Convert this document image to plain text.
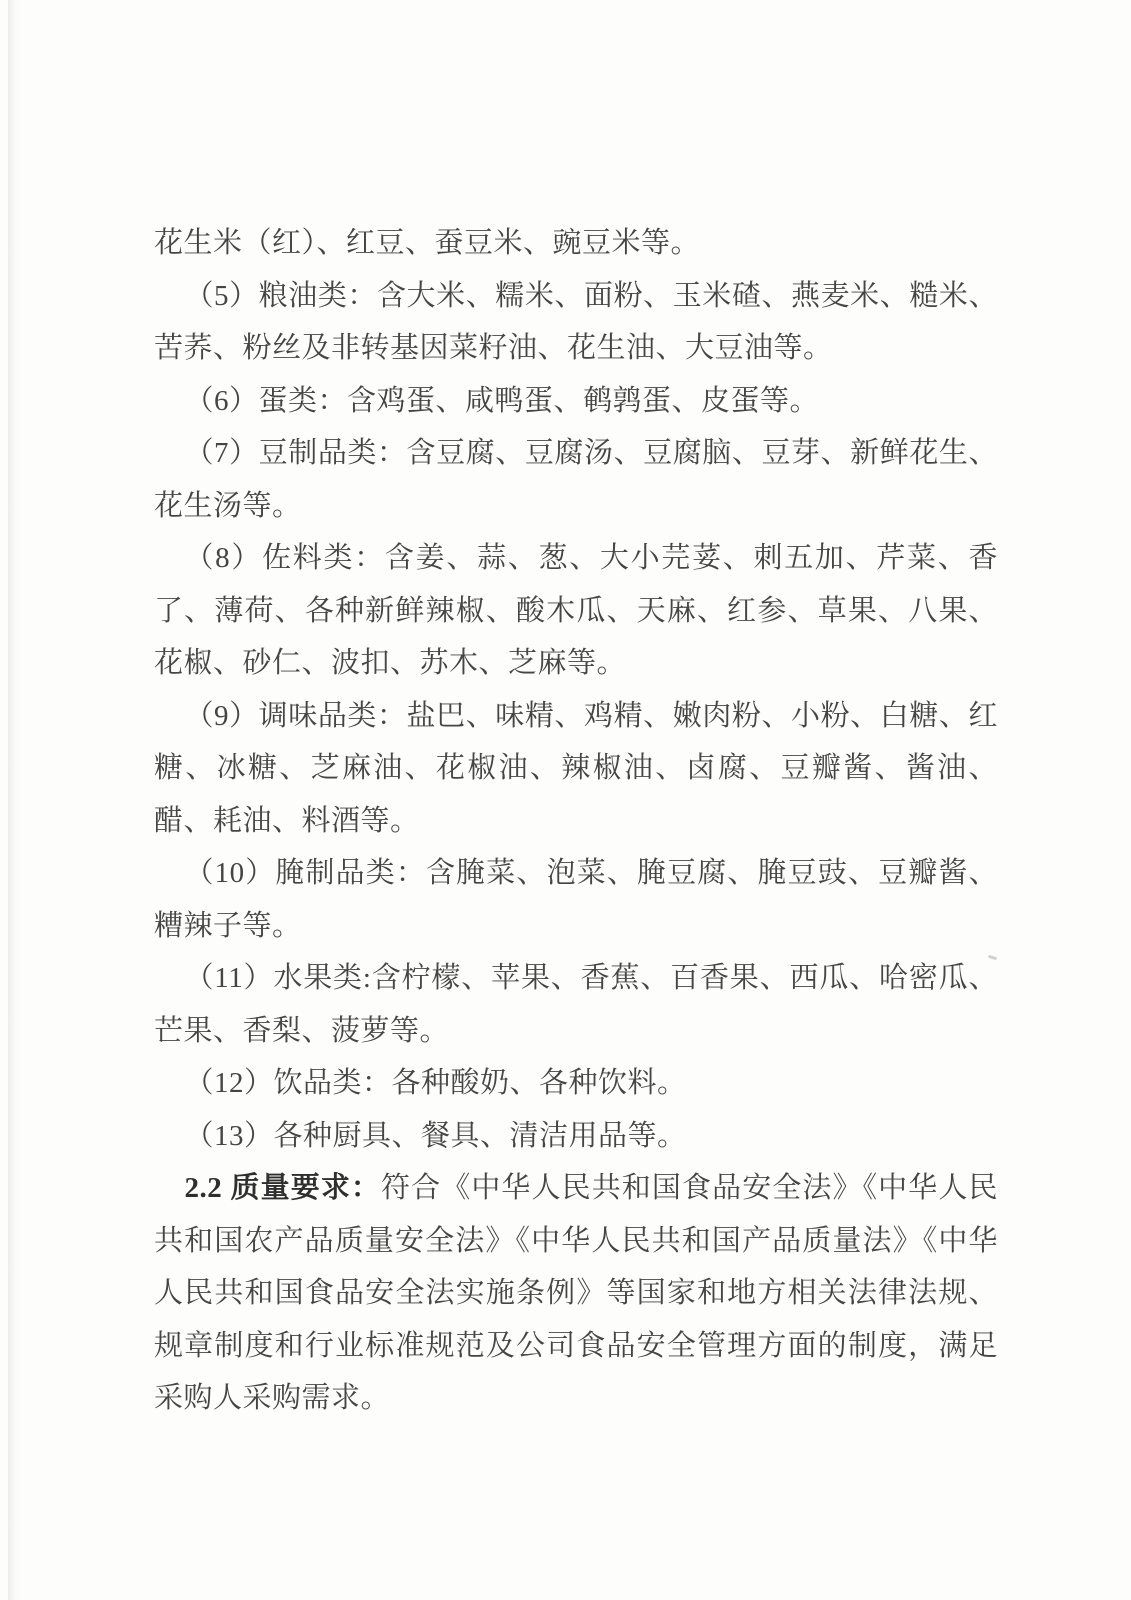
花生米（红）、红豆、蚕豆米、豌豆米等。

（5）粮油类：含大米、糯米、面粉、玉米碴、燕麦米、糙米、苦荞、粉丝及非转基因菜籽油、花生油、大豆油等。

（6）蛋类：含鸡蛋、咸鸭蛋、鹌鹑蛋、皮蛋等。

（7）豆制品类：含豆腐、豆腐汤、豆腐脑、豆芽、新鲜花生、花生汤等。

（8）佐料类：含姜、蒜、葱、大小芫荽、刺五加、芹菜、香了、薄荷、各种新鲜辣椒、酸木瓜、天麻、红参、草果、八果、花椒、砂仁、波扣、苏木、芝麻等。

（9）调味品类：盐巴、味精、鸡精、嫩肉粉、小粉、白糖、红糖、冰糖、芝麻油、花椒油、辣椒油、卤腐、豆瓣酱、酱油、醋、耗油、料酒等。

（10）腌制品类：含腌菜、泡菜、腌豆腐、腌豆豉、豆瓣酱、糟辣子等。

（11）水果类:含柠檬、苹果、香蕉、百香果、西瓜、哈密瓜、芒果、香梨、菠萝等。

（12）饮品类：各种酸奶、各种饮料。

（13）各种厨具、餐具、清洁用品等。

2.2 质量要求：符合《中华人民共和国食品安全法》《中华人民共和国农产品质量安全法》《中华人民共和国产品质量法》《中华人民共和国食品安全法实施条例》等国家和地方相关法律法规、规章制度和行业标准规范及公司食品安全管理方面的制度，满足采购人采购需求。
